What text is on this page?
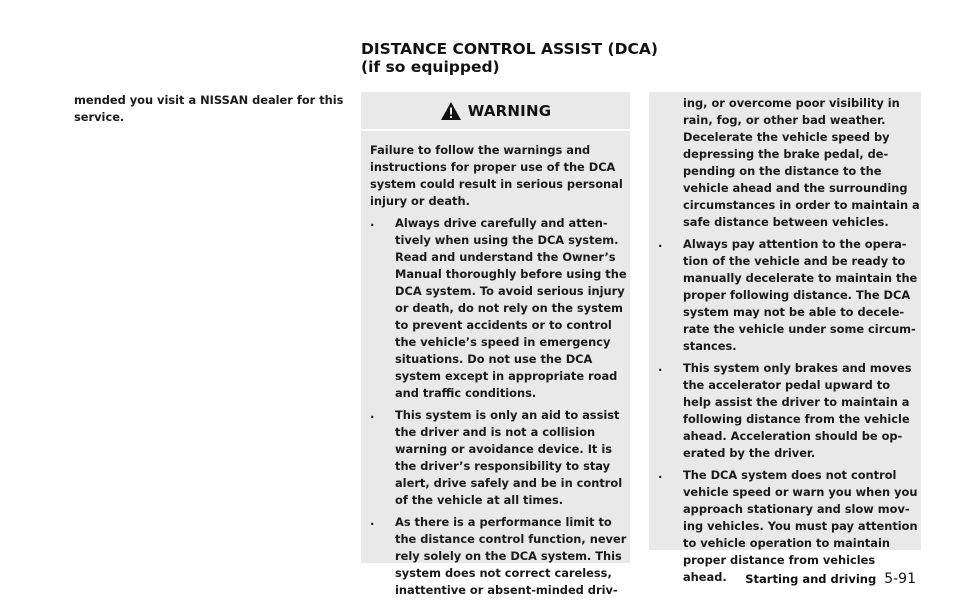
DISTANCE CONTROL ASSIST (DCA)
(if so equipped)
mended you visit a NISSAN dealer for this
service.	WARNING
Failure to follow the warnings and
instructions for proper use of the DCA
system could result in serious personal
injury or death.
. Always drive carefully and atten-
tively when using the DCA system.
Read and understand the Owner’s
Manual thoroughly before using the
DCA system. To avoid serious injury
or death, do not rely on the system
to prevent accidents or to control
the vehicle’s speed in emergency
situations. Do not use the DCA
system except in appropriate road
and traffic conditions.
. This system is only an aid to assist
the driver and is not a collision
warning or avoidance device. It is
the driver’s responsibility to stay
alert, drive safely and be in control
of the vehicle at all times.
. As there is a performance limit to
the distance control function, never
rely solely on the DCA system. This
system does not correct careless,
inattentive or absent-minded driv-
ing, or overcome poor visibility in
rain, fog, or other bad weather.
Decelerate the vehicle speed by
depressing the brake pedal, de-
pending on the distance to the
vehicle ahead and the surrounding
circumstances in order to maintain a
safe distance between vehicles.
. Always pay attention to the opera-
tion of the vehicle and be ready to
manually decelerate to maintain the
proper following distance. The DCA
system may not be able to decele-
rate the vehicle under some circum-
stances.
. This system only brakes and moves
the accelerator pedal upward to
help assist the driver to maintain a
following distance from the vehicle
ahead. Acceleration should be op-
erated by the driver.
. The DCA system does not control
vehicle speed or warn you when you
approach stationary and slow mov-
ing vehicles. You must pay attention
to vehicle operation to maintain
proper distance from vehicles
ahead. Starting and driving 5-91
